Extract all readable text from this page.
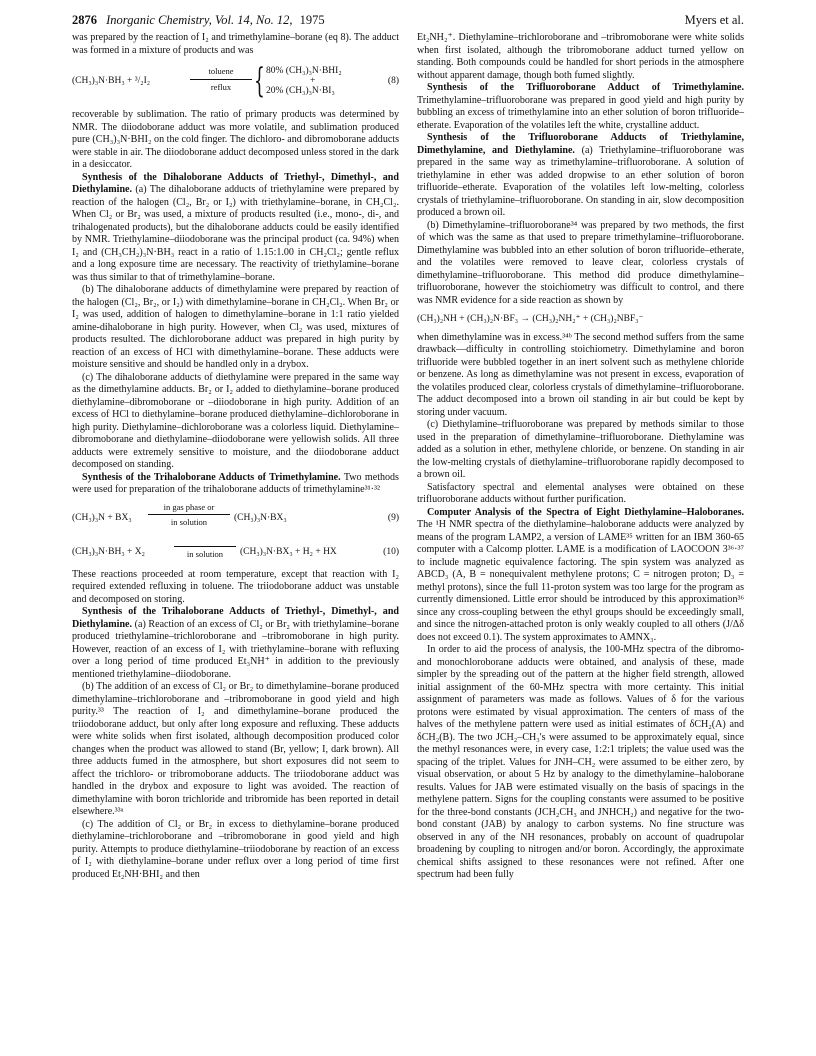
2876 Inorganic Chemistry, Vol. 14, No. 12, 1975	Myers et al.

was prepared by the reaction of I₂ and trimethylamine–borane (eq 8). The adduct was formed in a mixture of products and was

(CH₃)₃N·BH₃ + ³/₂I₂
toluene
reflux { 80% (CH₃)₃N·BHI₂
+
20% (CH₃)₃N·BI₃
(8)

recoverable by sublimation. The ratio of primary products was determined by NMR. The diiodoborane adduct was more volatile, and sublimation produced pure (CH₃)₃N·BHI₂ on the cold finger. The dichloro- and dibromoborane adducts were stable in air. The diiodoborane adduct decomposed unless stored in the dark in a desiccator.

Synthesis of the Dihaloborane Adducts of Triethyl-, Dimethyl-, and Diethylamine. (a) The dihaloborane adducts of triethylamine were prepared by reaction of the halogen (Cl₂, Br₂ or I₂) with triethylamine–borane, in CH₂Cl₂. When Cl₂ or Br₂ was used, a mixture of products resulted (i.e., mono-, di-, and trihalogenated products), but the dihaloborane adducts could be easily identified by NMR. Triethylamine–diiodoborane was the principal product (ca. 94%) when I₂ and (CH₃CH₂)₃N·BH₃ react in a ratio of 1.15:1.00 in CH₂Cl₂; gentle reflux and a long exposure time are necessary. The reactivity of triethylamine–borane was thus similar to that of trimethylamine–borane.

(b) The dihaloborane adducts of dimethylamine were prepared by reaction of the halogen (Cl₂, Br₂, or I₂) with dimethylamine–borane in CH₂Cl₂. When Br₂ or I₂ was used, addition of halogen to dimethylamine–borane in 1:1 ratio yielded amine-dihaloborane in high purity. However, when Cl₂ was used, mixtures of products resulted. The dichloroborane adduct was prepared in high purity by reaction of an excess of HCl with dimethylamine–borane. These adducts were moisture sensitive and should be handled only in a drybox.

(c) The dihaloborane adducts of diethylamine were prepared in the same way as the dimethylamine adducts. Br₂ or I₂ added to diethylamine–borane produced diethylamine–dibromoborane or –diiodoborane in high purity. Addition of an excess of HCl to diethylamine–borane produced diethylamine–dichloroborane in high purity. Diethylamine–dichloroborane was a colorless liquid. Diethylamine–dibromoborane and diethylamine–diiodoborane were yellowish solids. All three adducts were extremely sensitive to moisture, and the diiodoborane adduct decomposed on standing.

Synthesis of the Trihaloborane Adducts of Trimethylamine. Two methods were used for preparation of the trihaloborane adducts of trimethylamine³¹·³²

(CH₃)₃N + BX₃
in gas phase or
in solution	(CH₃)₃N·BX₃	(9)
(CH₃)₃N·BH₃ + X₂	in solution	(CH₃)₃N·BX₃ + H₂ + HX	(10)

These reactions proceeded at room temperature, except that reaction with I₂ required extended refluxing in toluene. The triiodoborane adduct was unstable and decomposed on storing.

Synthesis of the Trihaloborane Adducts of Triethyl-, Dimethyl-, and Diethylamine. (a) Reaction of an excess of Cl₂ or Br₂ with triethylamine–borane produced triethylamine–trichloroborane and –tribromoborane in high purity. However, reaction of an excess of I₂ with triethylamine–borane with refluxing over a long period of time produced Et₃NH⁺ in addition to the previously mentioned triethylamine–diiodoborane.

(b) The addition of an excess of Cl₂ or Br₂ to dimethylamine–borane produced dimethylamine–trichloroborane and –tribromoborane in good yield and high purity.³³ The reaction of I₂ and dimethylamine–borane produced the triiodoborane adduct, but only after long exposure and refluxing. These adducts were white solids when first isolated, although decomposition produced color changes when the product was allowed to stand (Br, yellow; I, dark brown). All three adducts fumed in the atmosphere, but short exposures did not seem to affect the trichloro- or tribromoborane adducts. The triiodoborane adduct was handled in the drybox and exposure to light was avoided. The reaction of dimethylamine with boron trichloride and tribromide has been reported in detail elsewhere.³³ᵃ

(c) The addition of Cl₂ or Br₂ in excess to diethylamine–borane produced diethylamine–trichloroborane and –tribromoborane in good yield and high purity. Attempts to produce diethylamine–triiodoborane by reaction of an excess of I₂ with diethylamine–borane under reflux over a long period of time first produced Et₂NH·BHI₂ and then

Et₂NH₂⁺. Diethylamine–trichloroborane and –tribromoborane were white solids when first isolated, although the tribromoborane adduct turned yellow on standing. Both compounds could be handled for short periods in the atmosphere without apparent damage, though both fumed slightly.

Synthesis of the Trifluoroborane Adduct of Trimethylamine. Trimethylamine–trifluoroborane was prepared in good yield and high purity by bubbling an excess of trimethylamine into an ether solution of boron trifluoride–etherate. Evaporation of the volatiles left the white, crystalline adduct.

Synthesis of the Trifluoroborane Adducts of Triethylamine, Dimethylamine, and Diethylamine. (a) Triethylamine–trifluoroborane was prepared in the same way as trimethylamine–trifluoroborane. A solution of triethylamine in ether was added dropwise to an ether solution of boron trifluoride–etherate. Evaporation of the volatiles left low-melting, colorless crystals of triethylamine–trifluoroborane. On standing in air, slow decomposition produced a brown oil.

(b) Dimethylamine–trifluoroborane³⁴ was prepared by two methods, the first of which was the same as that used to prepare trimethylamine–trifluoroborane. Dimethylamine was bubbled into an ether solution of boron trifluoride–etherate, and the volatiles were removed to leave clear, colorless crystals of dimethylamine–trifluoroborane. This method did produce dimethylamine–trifluoroborane, however the stoichiometry was difficult to control, and there was NMR evidence for a side reaction as shown by

(CH₃)₂NH + (CH₃)₂N·BF₃ → (CH₃)₂NH₂⁺ + (CH₃)₂NBF₃⁻

when dimethylamine was in excess.³⁴ᵇ The second method suffers from the same drawback—difficulty in controlling stoichiometry. Dimethylamine and boron trifluoride were bubbled together in an inert solvent such as methylene chloride or benzene. As long as dimethylamine was not present in excess, evaporation of the volatiles produced clear, colorless crystals of dimethylamine–trifluoroborane. The adduct decomposed into a brown oil standing in air but could be kept by storing under vacuum.

(c) Diethylamine–trifluoroborane was prepared by methods similar to those used in the preparation of dimethylamine–trifluoroborane. Diethylamine was added as a solution in ether, methylene chloride, or benzene. On standing in air the low-melting crystals of diethylamine–trifluoroborane rapidly decomposed to a brown oil.

Satisfactory spectral and elemental analyses were obtained on these trifluoroborane adducts without further purification.

Computer Analysis of the Spectra of Eight Diethylamine–Haloboranes. The ¹H NMR spectra of the diethylamine–haloborane adducts were analyzed by means of the program LAMP2, a version of LAME³⁵ written for an IBM 360-65 computer with a Calcomp plotter. LAME is a modification of LAOCOON 3³⁶·³⁷ to include magnetic equivalence factoring. The spin system was analyzed as ABCD₃ (A, B = nonequivalent methylene protons; C = nitrogen proton; D₃ = methyl protons), since the full 11-proton system was too large for the program as currently dimensioned. Little error should be introduced by this approximation³⁶ since any cross-coupling between the ethyl groups should be exceedingly small, and since the nitrogen-attached proton is only weakly coupled to all others (J/Δδ does not exceed 0.1). The system approximates to AMNX₃.

In order to aid the process of analysis, the 100-MHz spectra of the dibromo- and monochloroborane adducts were obtained, and analysis of these, made simpler by the spreading out of the pattern at the higher field strength, allowed initial assignment of the 60-MHz spectra with more certainty. This initial assignment of parameters was made as follows. Values of δ for the various protons were estimated by visual approximation. The centers of mass of the halves of the methylene pattern were used as initial estimates of δCH₂(A) and δCH₂(B). The two JCH₂–CH₃'s were assumed to be approximately equal, since the methyl resonances were, in every case, 1:2:1 triplets; the value used was the spacing of the triplet. Values for JNH–CH₂ were assumed to be either zero, by visual observation, or about 5 Hz by analogy to the dimethylamine–haloborane results. Values for JAB were estimated visually on the basis of spacings in the methylene pattern. Signs for the coupling constants were assumed to be positive for the three-bond constants (JCH₂CH₃ and JNHCH₂) and negative for the two-bond constant (JAB) by analogy to carbon systems. No fine structure was observed in any of the NH resonances, probably on account of quadrupolar broadening by coupling to nitrogen and/or boron. Accordingly, the approximate chemical shifts assigned to these resonances were not refined. After one spectrum had been fully
